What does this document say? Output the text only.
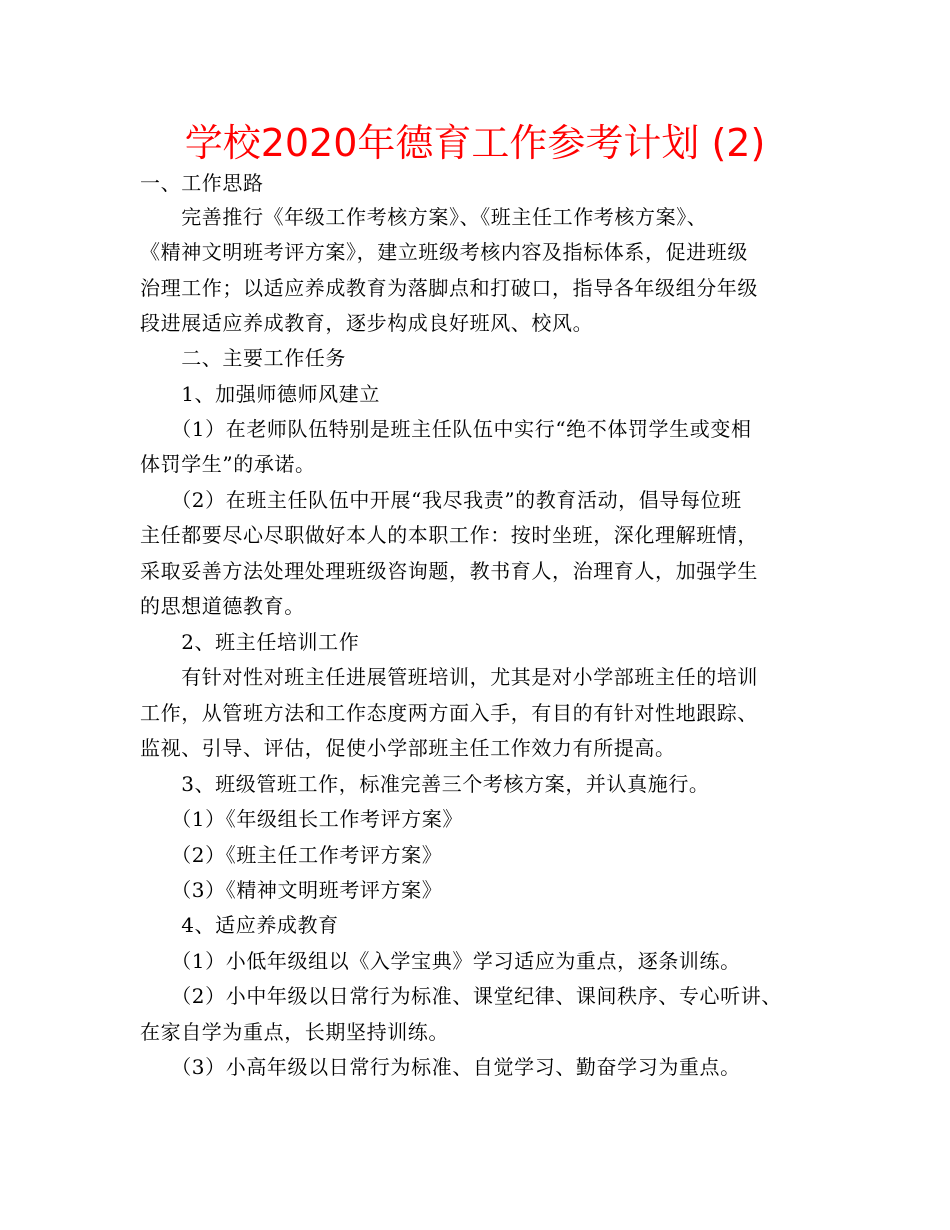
学校2020年德育工作参考计划 (2)
一、工作思路
　　完善推行《年级工作考核方案》、《班主任工作考核方案》、
《精神文明班考评方案》，建立班级考核内容及指标体系，促进班级
治理工作；以适应养成教育为落脚点和打破口，指导各年级组分年级
段进展适应养成教育，逐步构成良好班风、校风。
　　二、主要工作任务
　　1、加强师德师风建立
　　（1）在老师队伍特别是班主任队伍中实行“绝不体罚学生或变相
体罚学生”的承诺。
　　（2）在班主任队伍中开展“我尽我责”的教育活动，倡导每位班
主任都要尽心尽职做好本人的本职工作：按时坐班，深化理解班情，
采取妥善方法处理处理班级咨询题，教书育人，治理育人，加强学生
的思想道德教育。
　　2、班主任培训工作
　　有针对性对班主任进展管班培训，尤其是对小学部班主任的培训
工作，从管班方法和工作态度两方面入手，有目的有针对性地跟踪、
监视、引导、评估，促使小学部班主任工作效力有所提高。
　　3、班级管班工作，标准完善三个考核方案，并认真施行。
　　（1）《年级组长工作考评方案》
　　（2）《班主任工作考评方案》
　　（3）《精神文明班考评方案》
　　4、适应养成教育
　　（1）小低年级组以《入学宝典》学习适应为重点，逐条训练。
　　（2）小中年级以日常行为标准、课堂纪律、课间秩序、专心听讲、
在家自学为重点，长期坚持训练。
　　（3）小高年级以日常行为标准、自觉学习、勤奋学习为重点。
